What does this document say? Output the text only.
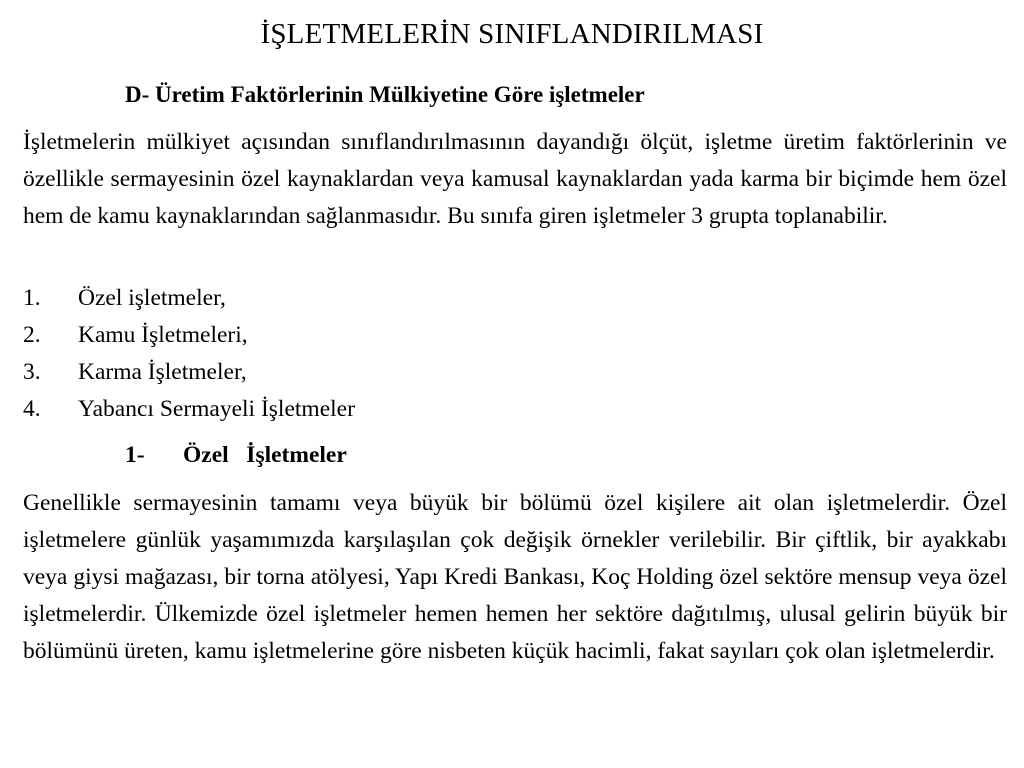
İŞLETMELERİN SINIFLANDIRILMASI
D- Üretim Faktörlerinin Mülkiyetine Göre işletmeler
İşletmelerin mülkiyet açısından sınıflandırılmasının dayandığı ölçüt, işletme üretim faktörlerinin ve özellikle sermayesinin özel kaynaklardan veya kamusal kaynaklardan yada karma bir biçimde hem özel hem de kamu kaynaklarından sağlanmasıdır. Bu sınıfa giren işletmeler 3 grupta toplanabilir.
1.	Özel işletmeler,
2.	Kamu İşletmeleri,
3.	Karma İşletmeler,
4.	Yabancı Sermayeli İşletmeler
1- Özel   İşletmeler
Genellikle sermayesinin tamamı veya büyük bir bölümü özel kişilere ait olan işletmelerdir. Özel işletmelere günlük yaşamımızda karşılaşılan çok değişik örnekler verilebilir. Bir çiftlik, bir ayakkabı veya giysi mağazası, bir torna atölyesi, Yapı Kredi Bankası, Koç Holding özel sektöre mensup veya özel işletmelerdir. Ülkemizde özel işletmeler hemen hemen her sektöre dağıtılmış, ulusal gelirin büyük bir bölümünü üreten, kamu işletmelerine göre nisbeten küçük hacimli, fakat sayıları çok olan işletmelerdir.
